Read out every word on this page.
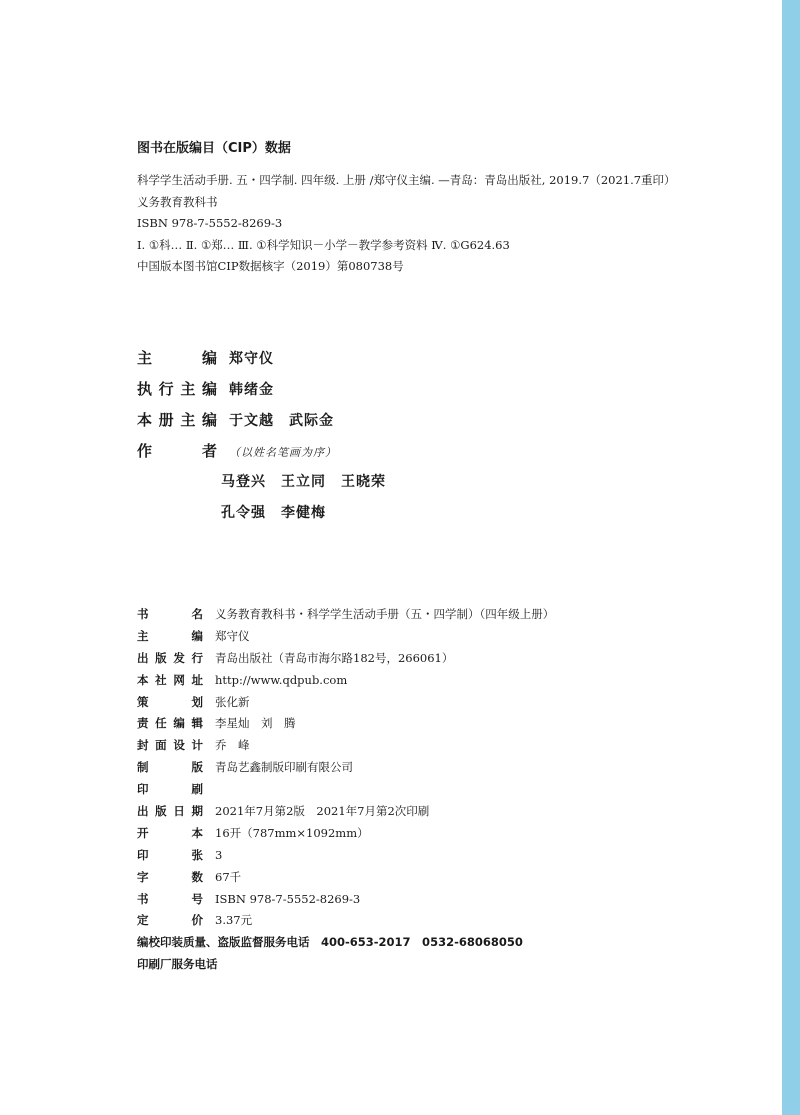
图书在版编目（CIP）数据
科学学生活动手册. 五・四学制. 四年级. 上册 /郑守仪主编. —青岛：青岛出版社, 2019.7（2021.7重印）
义务教育教科书
ISBN 978-7-5552-8269-3
Ⅰ. ①科… Ⅱ. ①郑… Ⅲ. ①科学知识－小学－教学参考资料 Ⅳ. ①G624.63
中国版本图书馆CIP数据核字（2019）第080738号
主 编 郑守仪
执行主编 韩绪金
本册主编 于文越　武际金
作 者 （以姓名笔画为序）
马登兴　王立同　王晓荣
孔令强　李健梅
书 名 义务教育教科书・科学学生活动手册（五・四学制）（四年级上册）
主 编 郑守仪
出版发行 青岛出版社（青岛市海尔路182号，266061）
本社网址 http://www.qdpub.com
策 划 张化新
责任编辑 李星灿　刘　腾
封面设计 乔　峰
制 版 青岛艺鑫制版印刷有限公司
印 刷
出版日期 2021年7月第2版　2021年7月第2次印刷
开 本 16开（787mm×1092mm）
印 张 3
字 数 67千
书 号 ISBN 978-7-5552-8269-3
定 价 3.37元
编校印装质量、盗版监督服务电话　400-653-2017　0532-68068050
印刷厂服务电话
